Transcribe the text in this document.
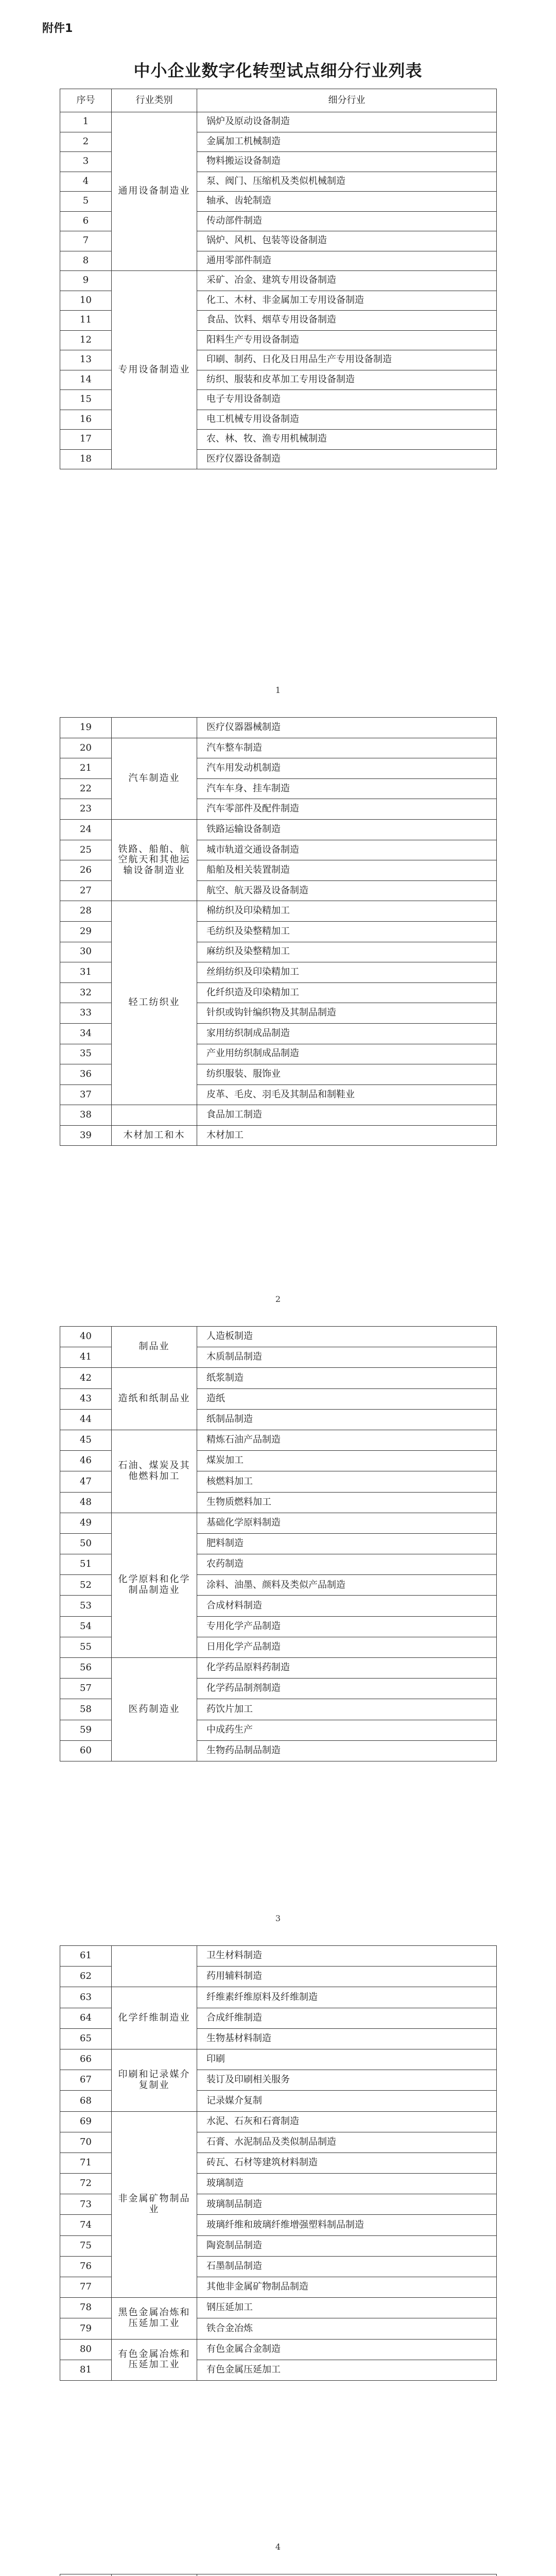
附件1
中小企业数字化转型试点细分行业列表
序号	行业类别	细分行业
1	通用设备制造业	锅炉及原动设备制造
2		金属加工机械制造
3		物料搬运设备制造
4		泵、阀门、压缩机及类似机械制造
5		轴承、齿轮制造
6		传动部件制造
7		锅炉、风机、包装等设备制造
8		通用零部件制造
9	专用设备制造业	采矿、冶金、建筑专用设备制造
10		化工、木材、非金属加工专用设备制造
11		食品、饮料、烟草专用设备制造
12		阳料生产专用设备制造
13		印刷、制药、日化及日用品生产专用设备制造
14		纺织、服装和皮革加工专用设备制造
15		电子专用设备制造
16		电工机械专用设备制造
17		农、林、牧、渔专用机械制造
18		医疗仪器设备制造
1
19		医疗仪器器械制造
20	汽车制造业	汽车整车制造
21		汽车用发动机制造
22		汽车车身、挂车制造
23		汽车零部件及配件制造
24	铁路、船舶、航空航天和其他运输设备制造业	铁路运输设备制造
25		城市轨道交通设备制造
26		船舶及相关装置制造
27		航空、航天器及设备制造
28	轻工纺织业	棉纺织及印染精加工
29		毛纺织及染整精加工
30		麻纺织及染整精加工
31		丝绢纺织及印染精加工
32		化纤织造及印染精加工
33		针织或钩针编织物及其制品制造
34		家用纺织制成品制造
35		产业用纺织制成品制造
36		纺织服装、服饰业
37		皮革、毛皮、羽毛及其制品和制鞋业
38		食品加工制造
39	木材加工和木	木材加工
2
40	制品业	人造板制造
41		木质制品制造
42	造纸和纸制品业	纸浆制造
43		造纸
44		纸制品制造
45	石油、煤炭及其他燃料加工	精炼石油产品制造
46		煤炭加工
47		核燃料加工
48		生物质燃料加工
49	化学原料和化学制品制造业	基础化学原料制造
50		肥料制造
51		农药制造
52		涂料、油墨、颜料及类似产品制造
53		合成材料制造
54		专用化学产品制造
55		日用化学产品制造
56	医药制造业	化学药品原料药制造
57		化学药品制剂制造
58		药饮片加工
59		中成药生产
60		生物药品制品制造
3
61		卫生材料制造
62		药用辅料制造
63	化学纤维制造业	纤维素纤维原料及纤维制造
64		合成纤维制造
65		生物基材料制造
66	印刷和记录媒介复制业	印刷
67		装订及印刷相关服务
68		记录媒介复制
69	非金属矿物制品业	水泥、石灰和石膏制造
70		石膏、水泥制品及类似制品制造
71		砖瓦、石材等建筑材料制造
72		玻璃制造
73		玻璃制品制造
74		玻璃纤维和玻璃纤维增强塑料制品制造
75		陶瓷制品制造
76		石墨制品制造
77		其他非金属矿物制品制造
78	黑色金属冶炼和压延加工业	钢压延加工
79		铁合金冶炼
80	有色金属冶炼和压延加工业	有色金属合金制造
81		有色金属压延加工
4
